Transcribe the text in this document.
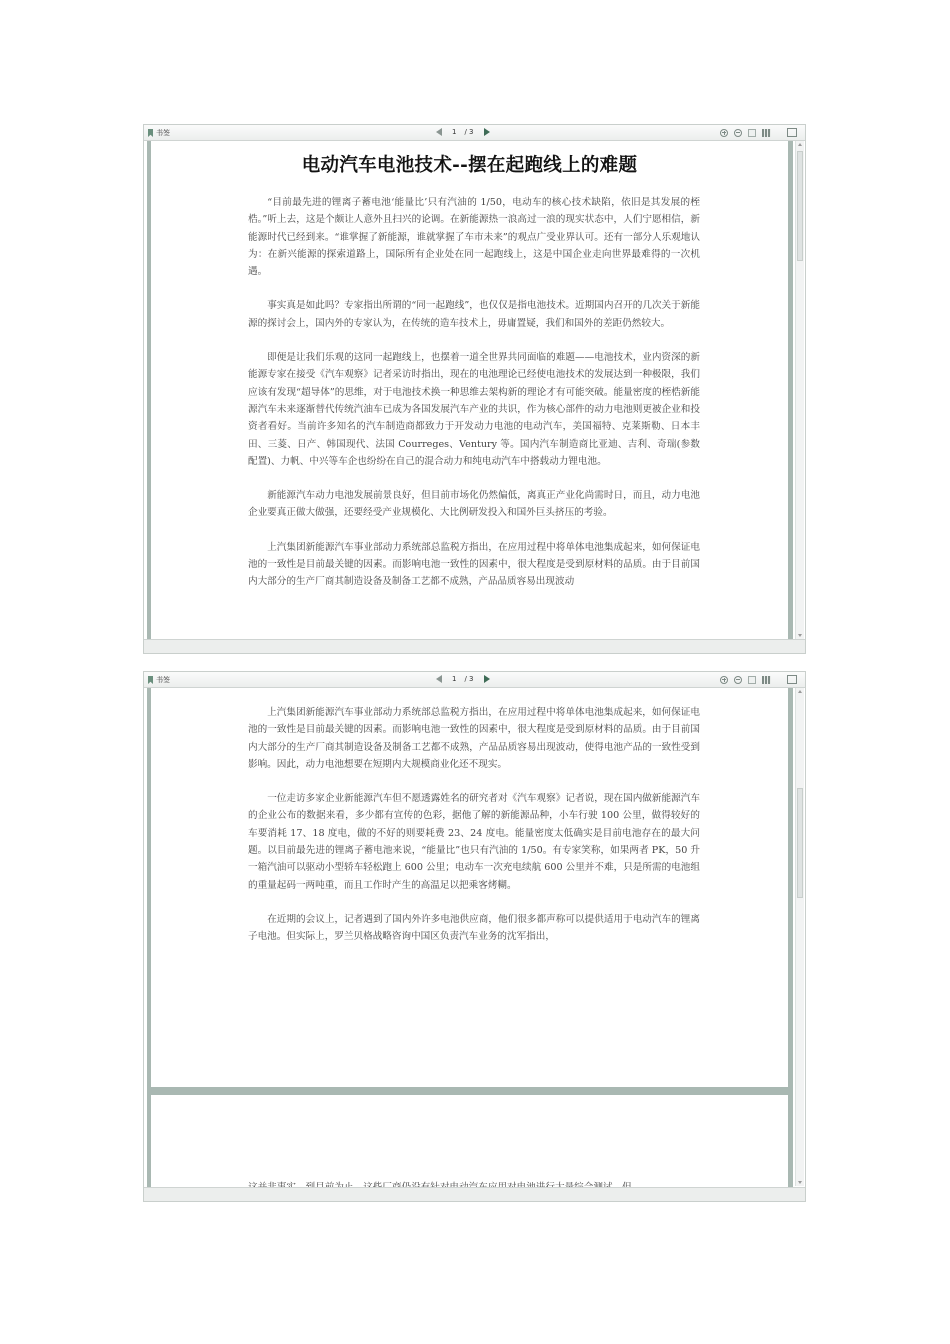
书签	1 / 3
电动汽车电池技术--摆在起跑线上的难题

“目前最先进的锂离子蓄电池‘能量比’只有汽油的 1/50，电动车的核心技术缺陷，依旧是其发展的桎梏。”听上去，这是个颇让人意外且扫兴的论调。在新能源热一浪高过一浪的现实状态中，人们宁愿相信，新能源时代已经到来。“谁掌握了新能源，谁就掌握了车市未来”的观点广受业界认可。还有一部分人乐观地认为：在新兴能源的探索道路上，国际所有企业处在同一起跑线上，这是中国企业走向世界最难得的一次机遇。

事实真是如此吗？专家指出所谓的“同一起跑线”，也仅仅是指电池技术。近期国内召开的几次关于新能源的探讨会上，国内外的专家认为，在传统的造车技术上，毋庸置疑，我们和国外的差距仍然较大。

即便是让我们乐观的这同一起跑线上，也摆着一道全世界共同面临的难题——电池技术，业内资深的新能源专家在接受《汽车观察》记者采访时指出，现在的电池理论已经使电池技术的发展达到一种极限，我们应该有发现“超导体”的思维，对于电池技术换一种思维去架构新的理论才有可能突破。能量密度的桎梏新能源汽车未来逐渐替代传统汽油车已成为各国发展汽车产业的共识，作为核心部件的动力电池则更被企业和投资者看好。当前许多知名的汽车制造商都致力于开发动力电池的电动汽车，美国福特、克莱斯勒、日本丰田、三菱、日产、韩国现代、法国 Courreges、Ventury 等。国内汽车制造商比亚迪、吉利、奇瑞(参数配置)、力帆、中兴等车企也纷纷在自己的混合动力和纯电动汽车中搭载动力锂电池。

新能源汽车动力电池发展前景良好，但目前市场化仍然偏低，离真正产业化尚需时日，而且，动力电池企业要真正做大做强，还要经受产业规模化、大比例研发投入和国外巨头挤压的考验。

上汽集团新能源汽车事业部动力系统部总监税方指出，在应用过程中将单体电池集成起来，如何保证电池的一致性是目前最关键的因素。而影响电池一致性的因素中，很大程度是受到原材料的品质。由于目前国内大部分的生产厂商其制造设备及制备工艺都不成熟，产品品质容易出现波动

书签	1 / 3

上汽集团新能源汽车事业部动力系统部总监税方指出，在应用过程中将单体电池集成起来，如何保证电池的一致性是目前最关键的因素。而影响电池一致性的因素中，很大程度是受到原材料的品质。由于目前国内大部分的生产厂商其制造设备及制备工艺都不成熟，产品品质容易出现波动，使得电池产品的一致性受到影响。因此，动力电池想要在短期内大规模商业化还不现实。

一位走访多家企业新能源汽车但不愿透露姓名的研究者对《汽车观察》记者说，现在国内做新能源汽车的企业公布的数据来看，多少都有宣传的色彩，据他了解的新能源品种，小车行驶 100 公里，做得较好的车要消耗 17、18 度电，做的不好的则要耗费 23、24 度电。能量密度太低确实是目前电池存在的最大问题。以目前最先进的锂离子蓄电池来说，“能量比”也只有汽油的 1/50。有专家笑称，如果两者 PK，50 升一箱汽油可以驱动小型轿车轻松跑上 600 公里；电动车一次充电续航 600 公里并不难，只是所需的电池组的重量起码一两吨重，而且工作时产生的高温足以把乘客烤糊。

在近期的会议上，记者遇到了国内外许多电池供应商，他们很多都声称可以提供适用于电动汽车的锂离子电池。但实际上，罗兰贝格战略咨询中国区负责汽车业务的沈军指出，
